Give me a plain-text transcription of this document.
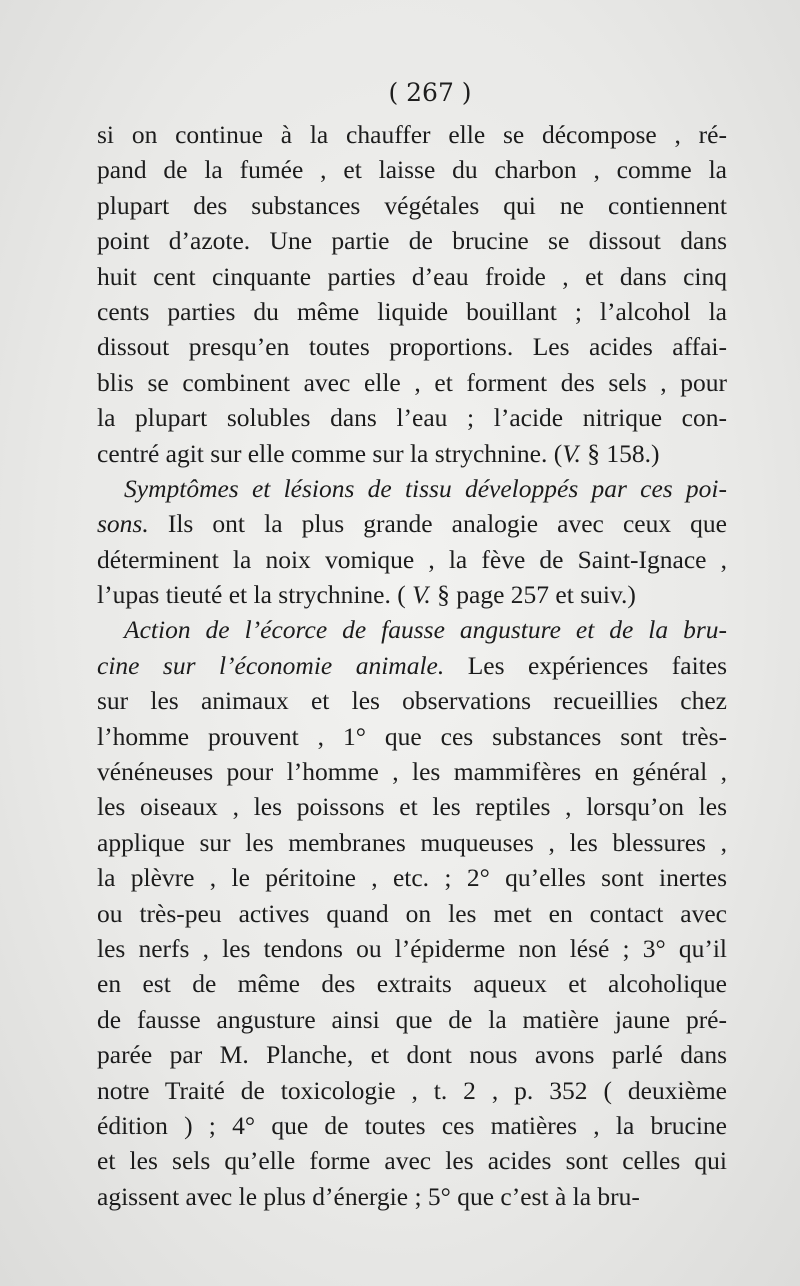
( 267 )
si on continue à la chauffer elle se décompose , ré-
pand de la fumée , et laisse du charbon , comme la
plupart des substances végétales qui ne contiennent
point d’azote. Une partie de brucine se dissout dans
huit cent cinquante parties d’eau froide , et dans cinq
cents parties du même liquide bouillant ; l’alcohol la
dissout presqu’en toutes proportions. Les acides affai-
blis se combinent avec elle , et forment des sels , pour
la plupart solubles dans l’eau ; l’acide nitrique con-
centré agit sur elle comme sur la strychnine. (V. § 158.)
Symptômes et lésions de tissu développés par ces poi-
sons. Ils ont la plus grande analogie avec ceux que
déterminent la noix vomique , la fève de Saint-Ignace ,
l’upas tieuté et la strychnine. ( V. § page 257 et suiv.)
Action de l’écorce de fausse angusture et de la bru-
cine sur l’économie animale. Les expériences faites
sur les animaux et les observations recueillies chez
l’homme prouvent , 1° que ces substances sont très-
vénéneuses pour l’homme , les mammifères en général ,
les oiseaux , les poissons et les reptiles , lorsqu’on les
applique sur les membranes muqueuses , les blessures ,
la plèvre , le péritoine , etc. ; 2° qu’elles sont inertes
ou très-peu actives quand on les met en contact avec
les nerfs , les tendons ou l’épiderme non lésé ; 3° qu’il
en est de même des extraits aqueux et alcoholique
de fausse angusture ainsi que de la matière jaune pré-
parée par M. Planche, et dont nous avons parlé dans
notre Traité de toxicologie , t. 2 , p. 352 ( deuxième
édition ) ; 4° que de toutes ces matières , la brucine
et les sels qu’elle forme avec les acides sont celles qui
agissent avec le plus d’énergie ; 5° que c’est à la bru-
